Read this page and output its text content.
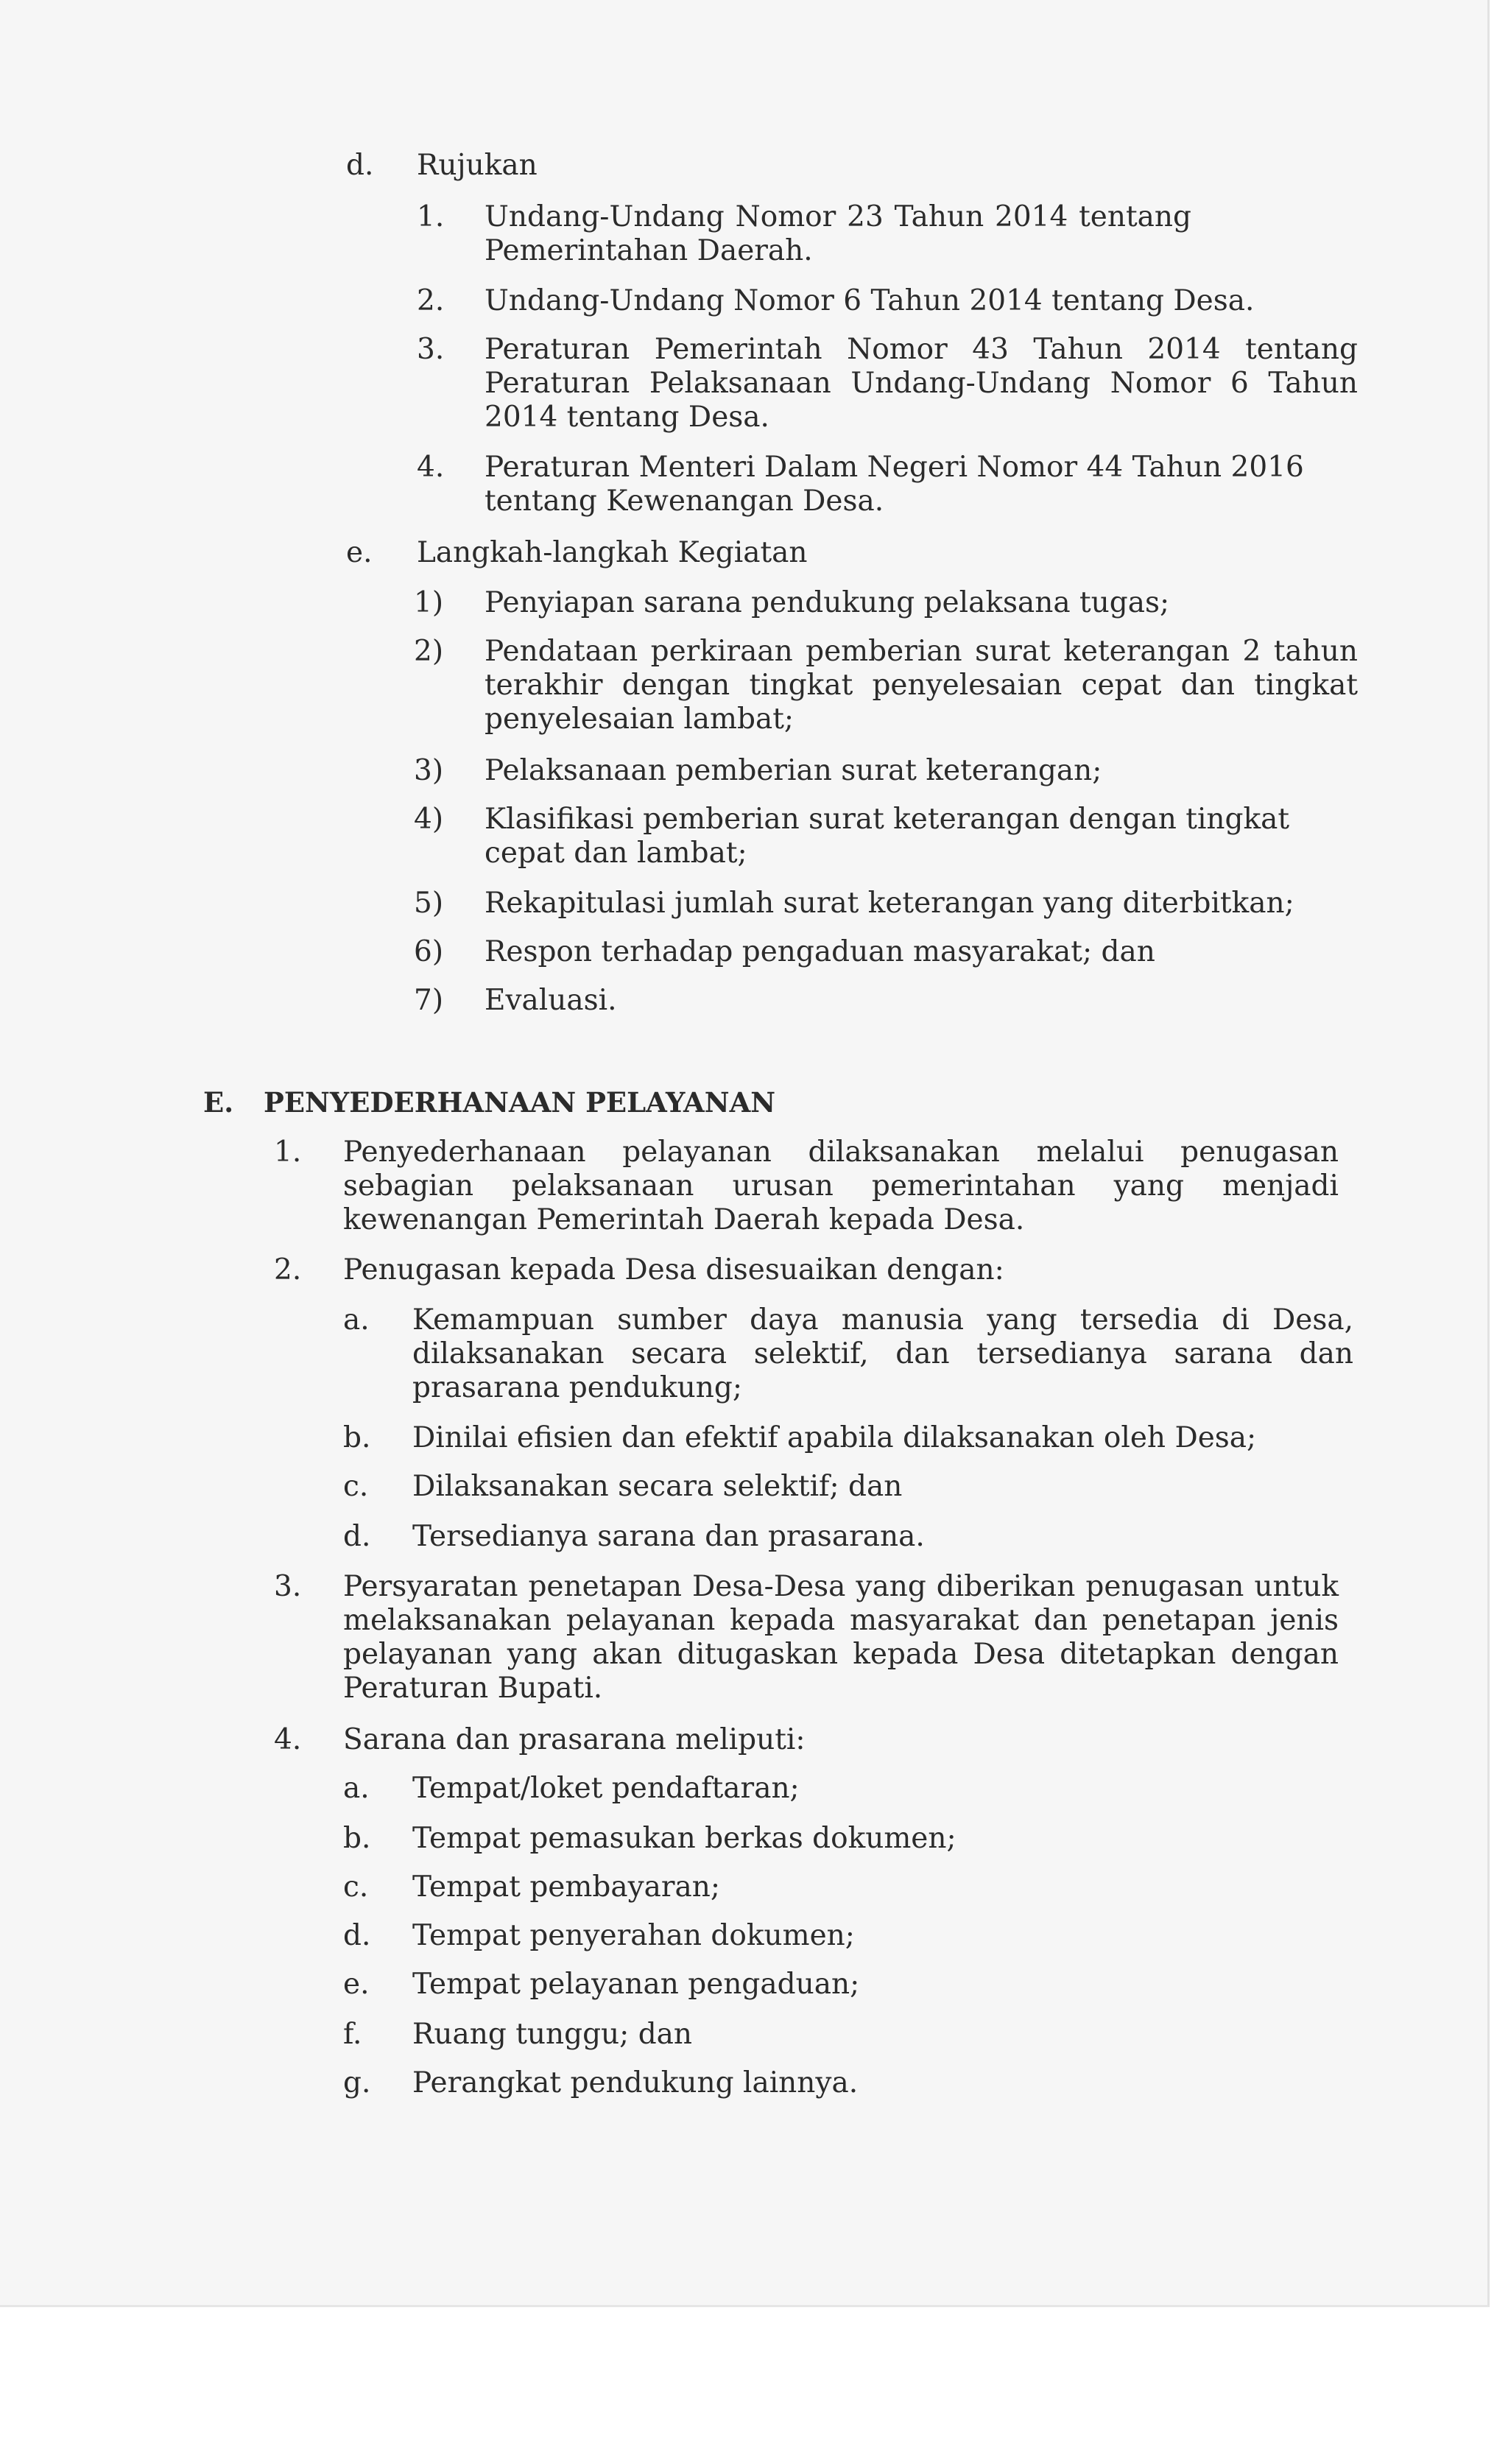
d. Rujukan
1. Undang-Undang Nomor 23 Tahun 2014 tentang Pemerintahan Daerah.
2. Undang-Undang Nomor 6 Tahun 2014 tentang Desa.
3. Peraturan Pemerintah Nomor 43 Tahun 2014 tentang Peraturan Pelaksanaan Undang-Undang Nomor 6 Tahun 2014 tentang Desa.
4. Peraturan Menteri Dalam Negeri Nomor 44 Tahun 2016 tentang Kewenangan Desa.
e. Langkah-langkah Kegiatan
1) Penyiapan sarana pendukung pelaksana tugas;
2) Pendataan perkiraan pemberian surat keterangan 2 tahun terakhir dengan tingkat penyelesaian cepat dan tingkat penyelesaian lambat;
3) Pelaksanaan pemberian surat keterangan;
4) Klasifikasi pemberian surat keterangan dengan tingkat cepat dan lambat;
5) Rekapitulasi jumlah surat keterangan yang diterbitkan;
6) Respon terhadap pengaduan masyarakat; dan
7) Evaluasi.
E. PENYEDERHANAAN PELAYANAN
1. Penyederhanaan pelayanan dilaksanakan melalui penugasan sebagian pelaksanaan urusan pemerintahan yang menjadi kewenangan Pemerintah Daerah kepada Desa.
2. Penugasan kepada Desa disesuaikan dengan:
a. Kemampuan sumber daya manusia yang tersedia di Desa, dilaksanakan secara selektif, dan tersedianya sarana dan prasarana pendukung;
b. Dinilai efisien dan efektif apabila dilaksanakan oleh Desa;
c. Dilaksanakan secara selektif; dan
d. Tersedianya sarana dan prasarana.
3. Persyaratan penetapan Desa-Desa yang diberikan penugasan untuk melaksanakan pelayanan kepada masyarakat dan penetapan jenis pelayanan yang akan ditugaskan kepada Desa ditetapkan dengan Peraturan Bupati.
4. Sarana dan prasarana meliputi:
a. Tempat/loket pendaftaran;
b. Tempat pemasukan berkas dokumen;
c. Tempat pembayaran;
d. Tempat penyerahan dokumen;
e. Tempat pelayanan pengaduan;
f. Ruang tunggu; dan
g. Perangkat pendukung lainnya.
